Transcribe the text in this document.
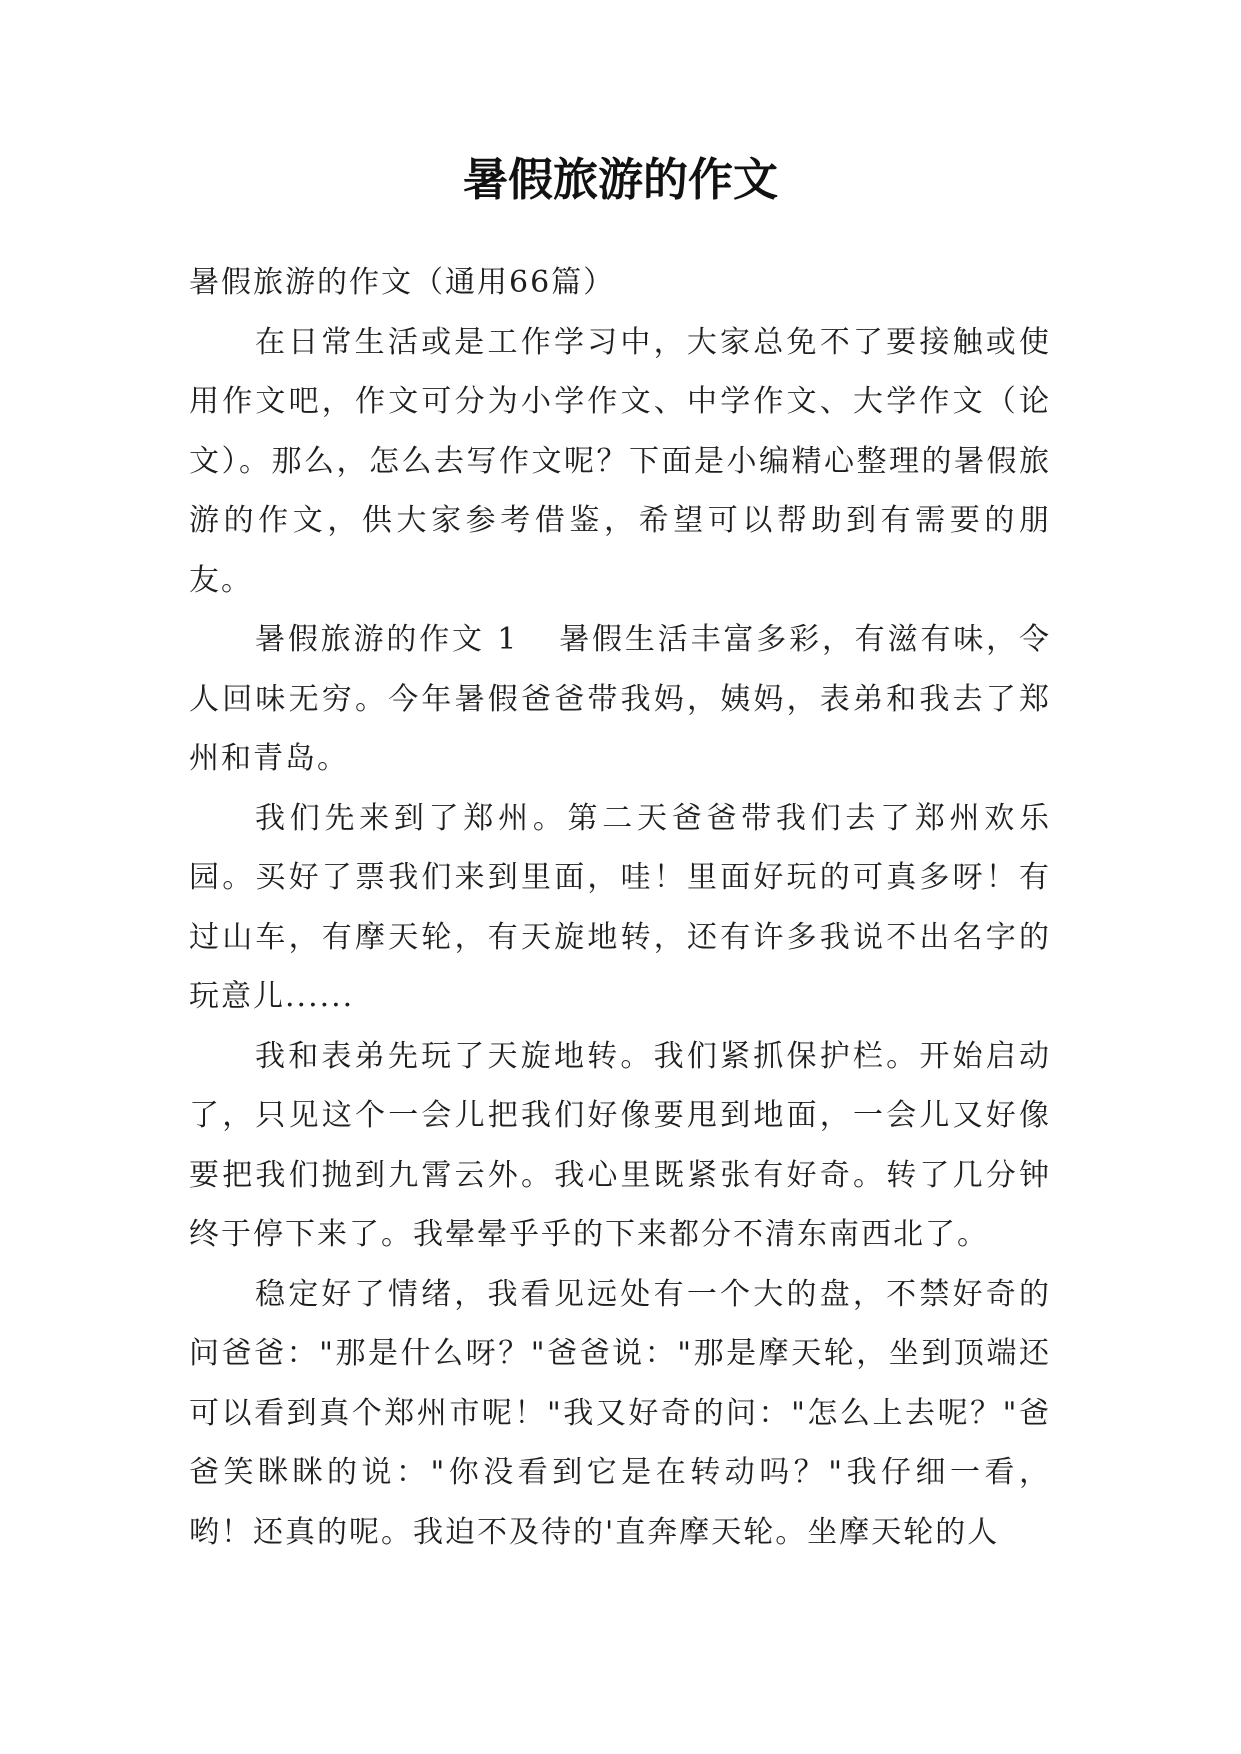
暑假旅游的作文

暑假旅游的作文（通用66篇）

在日常生活或是工作学习中，大家总免不了要接触或使用作文吧，作文可分为小学作文、中学作文、大学作文（论文）。那么，怎么去写作文呢？下面是小编精心整理的暑假旅游的作文，供大家参考借鉴，希望可以帮助到有需要的朋友。

暑假旅游的作文 1 暑假生活丰富多彩，有滋有味，令人回味无穷。今年暑假爸爸带我妈，姨妈，表弟和我去了郑州和青岛。

我们先来到了郑州。第二天爸爸带我们去了郑州欢乐园。买好了票我们来到里面，哇！里面好玩的可真多呀！有过山车，有摩天轮，有天旋地转，还有许多我说不出名字的玩意儿......

我和表弟先玩了天旋地转。我们紧抓保护栏。开始启动了，只见这个一会儿把我们好像要甩到地面，一会儿又好像要把我们抛到九霄云外。我心里既紧张有好奇。转了几分钟终于停下来了。我晕晕乎乎的下来都分不清东南西北了。

稳定好了情绪，我看见远处有一个大的盘，不禁好奇的问爸爸："那是什么呀？"爸爸说："那是摩天轮，坐到顶端还可以看到真个郑州市呢！"我又好奇的问："怎么上去呢？"爸爸笑眯眯的说："你没看到它是在转动吗？"我仔细一看，哟！还真的呢。我迫不及待的'直奔摩天轮。坐摩天轮的人
